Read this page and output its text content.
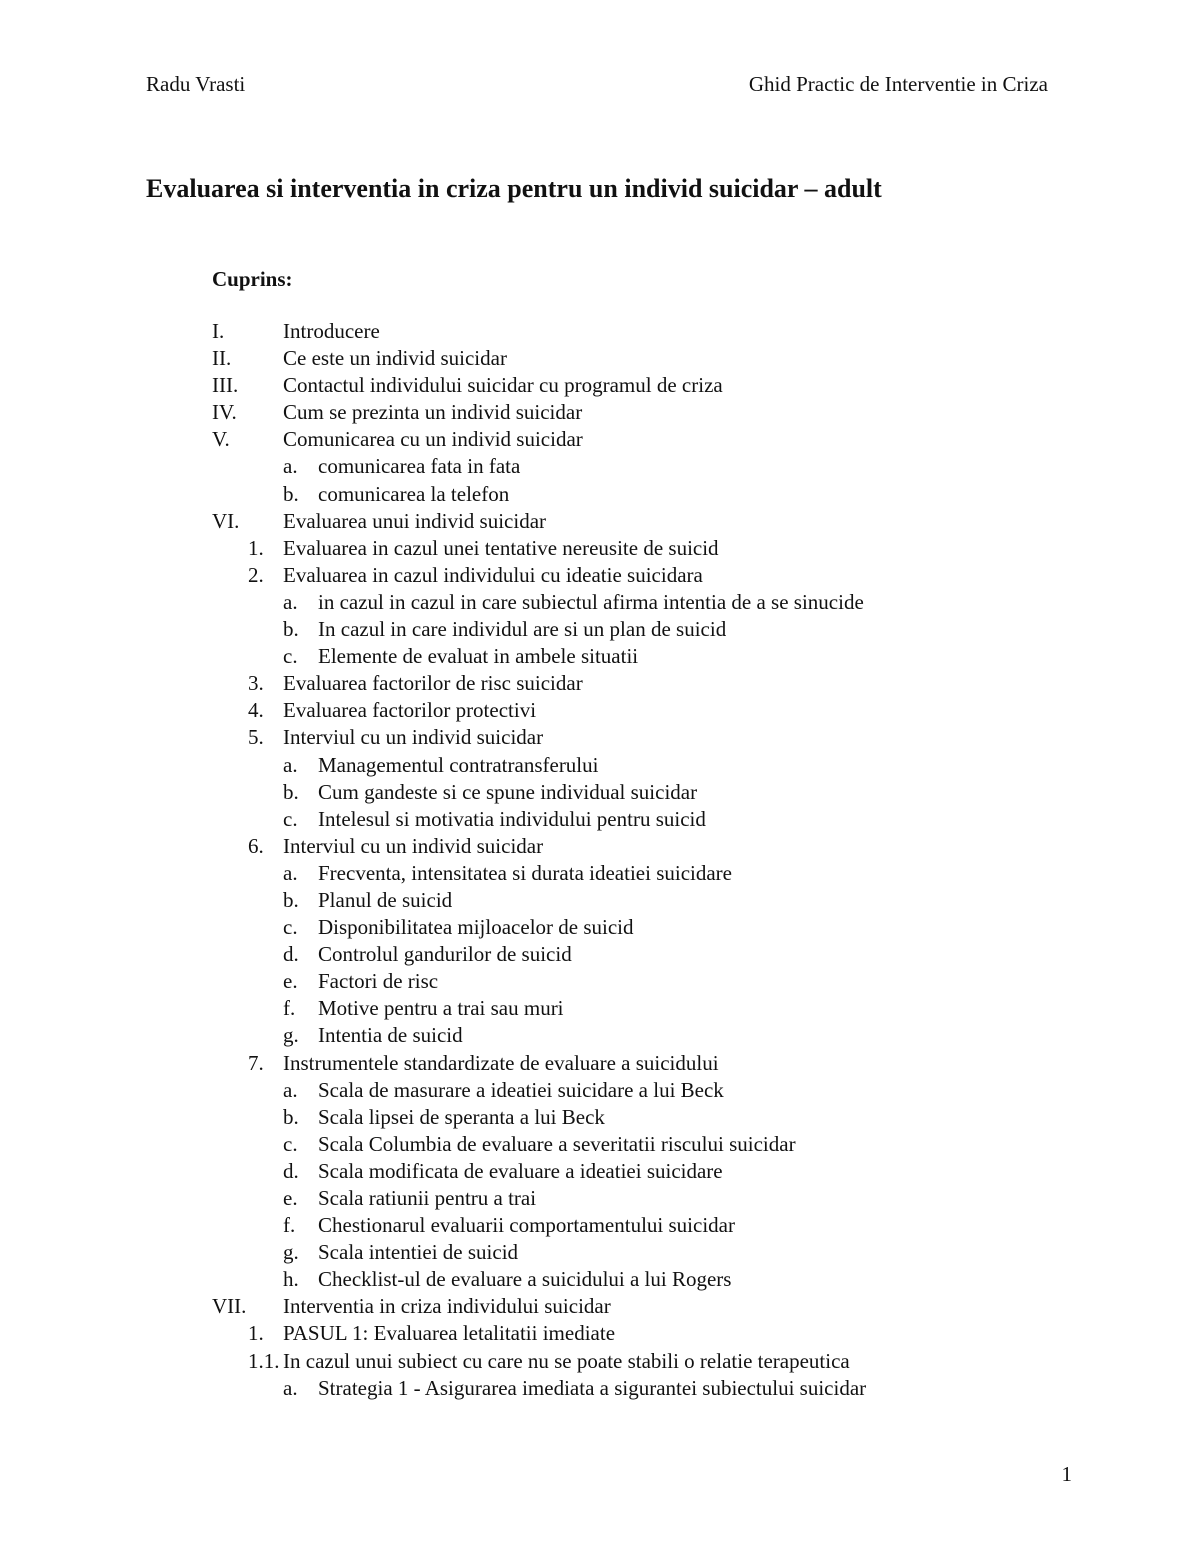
Radu Vrasti	Ghid Practic de Interventie in Criza
Evaluarea si interventia in criza pentru un individ suicidar – adult
Cuprins:
I.	Introducere
II. Ce este un individ suicidar
III. Contactul individului suicidar cu programul de criza
IV. Cum se prezinta un individ suicidar
V.	Comunicarea cu un individ suicidar
a. comunicarea fata in fata
b. comunicarea la telefon
VI. Evaluarea unui individ suicidar
1. Evaluarea in cazul unei tentative nereusite de suicid
2. Evaluarea in cazul individului cu ideatie suicidara
a. in cazul in cazul in care subiectul afirma intentia de a se sinucide
b. In cazul in care individul are si un plan de suicid
c. Elemente de evaluat in ambele situatii
3. Evaluarea factorilor de risc suicidar
4. Evaluarea factorilor protectivi
5. Interviul cu un individ suicidar
a. Managementul contratransferului
b. Cum gandeste si ce spune individual suicidar
c. Intelesul si motivatia individului pentru suicid
6. Interviul cu un individ suicidar
a. Frecventa, intensitatea si durata ideatiei suicidare
b. Planul de suicid
c. Disponibilitatea mijloacelor de suicid
d. Controlul gandurilor de suicid
e. Factori de risc
f. Motive pentru a trai sau muri
g. Intentia de suicid
7. Instrumentele standardizate de evaluare a suicidului
a. Scala de masurare a ideatiei suicidare a lui Beck
b. Scala lipsei de speranta a lui Beck
c. Scala Columbia de evaluare a severitatii riscului suicidar
d. Scala modificata de evaluare a ideatiei suicidare
e. Scala ratiunii pentru a trai
f. Chestionarul evaluarii comportamentului suicidar
g. Scala intentiei de suicid
h. Checklist-ul de evaluare a suicidului a lui Rogers
VII. Interventia in criza individului suicidar
1. PASUL 1: Evaluarea letalitatii imediate
1.1. In cazul unui subiect cu care nu se poate stabili o relatie terapeutica
a. Strategia 1 - Asigurarea imediata a sigurantei subiectului suicidar
1
